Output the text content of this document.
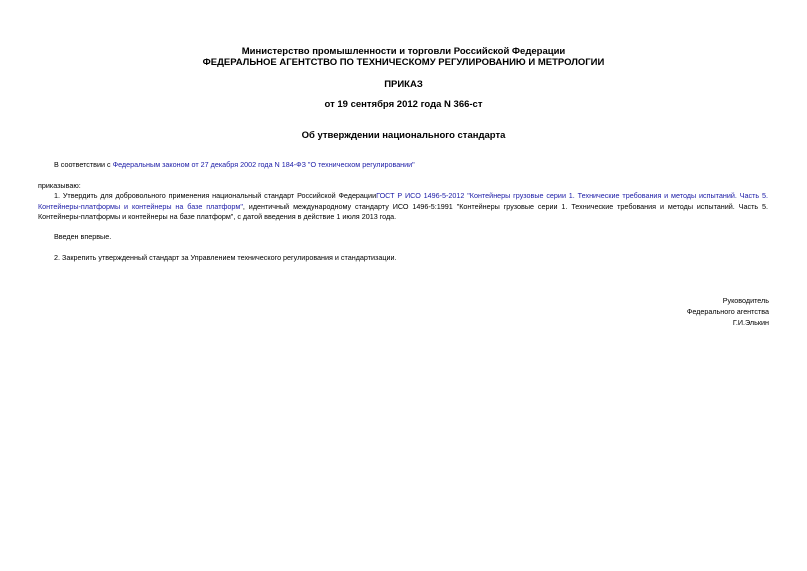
Министерство промышленности и торговли Российской Федерации
ФЕДЕРАЛЬНОЕ АГЕНТСТВО ПО ТЕХНИЧЕСКОМУ РЕГУЛИРОВАНИЮ И МЕТРОЛОГИИ
ПРИКАЗ
от 19 сентября 2012 года N 366-ст
Об утверждении национального стандарта
В соответствии с Федеральным законом от 27 декабря 2002 года N 184-ФЗ "О техническом регулировании"
приказываю:
1. Утвердить для добровольного применения национальный стандарт Российской ФедерацииГОСТ Р ИСО 1496-5-2012 "Контейнеры грузовые серии 1. Технические требования и методы испытаний. Часть 5. Контейнеры-платформы и контейнеры на базе платформ", идентичный международному стандарту ИСО 1496-5:1991 "Контейнеры грузовые серии 1. Технические требования и методы испытаний. Часть 5. Контейнеры-платформы и контейнеры на базе платформ", с датой введения в действие 1 июля 2013 года.
Введен впервые.
2. Закрепить утвержденный стандарт за Управлением технического регулирования и стандартизации.
Руководитель
Федерального агентства
Г.И.Элькин
